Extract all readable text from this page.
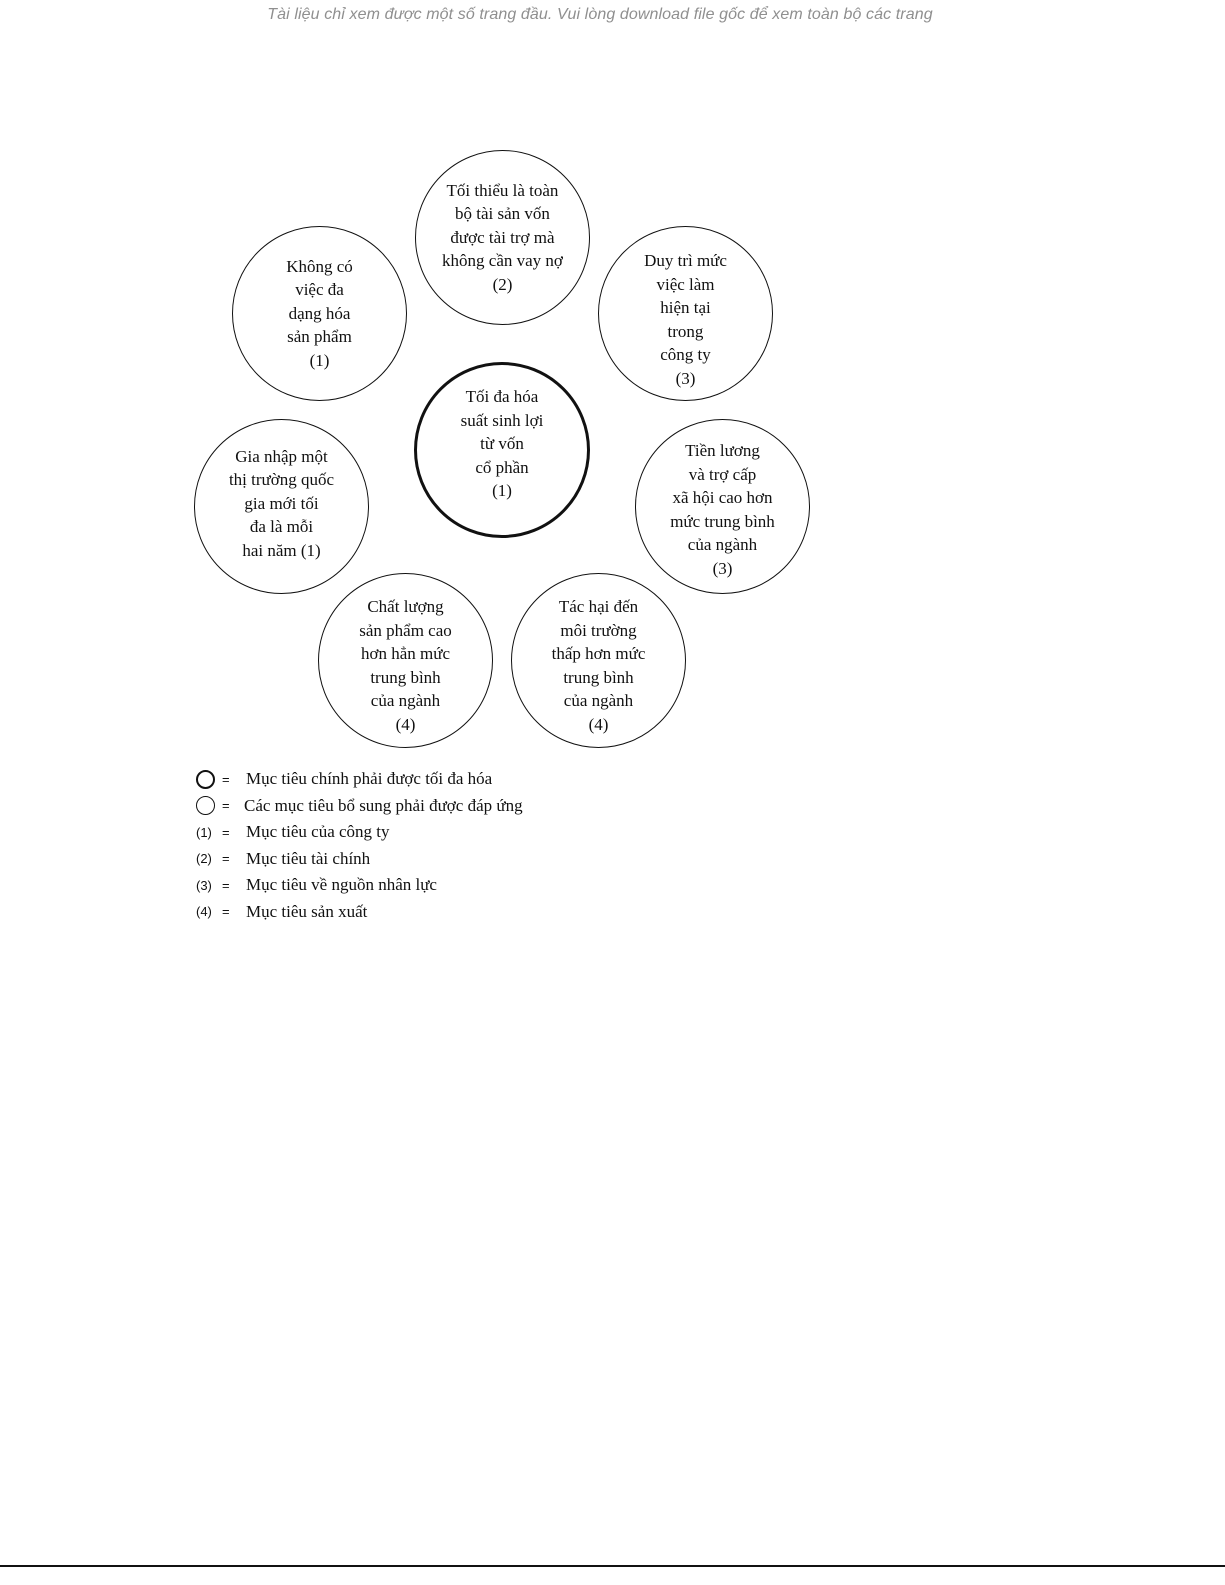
Tài liệu chỉ xem được một số trang đầu. Vui lòng download file gốc để xem toàn bộ các trang
Tối thiểu là toàn
bộ tài sản vốn
được tài trợ mà
không cần vay nợ
(2)
Không có
việc đa
dạng hóa
sản phẩm
(1)
Duy trì mức
việc làm
hiện tại
trong
công ty
(3)
Tối đa hóa
suất sinh lợi
từ vốn
cổ phần
(1)
Gia nhập một
thị trường quốc
gia mới tối
đa là mỗi
hai năm (1)
Tiền lương
và trợ cấp
xã hội cao hơn
mức trung bình
của ngành
(3)
Chất lượng
sản phẩm cao
hơn hẳn mức
trung bình
của ngành
(4)
Tác hại đến
môi trường
thấp hơn mức
trung bình
của ngành
(4)
= Mục tiêu chính phải được tối đa hóa
= Các mục tiêu bổ sung phải được đáp ứng
(1) = Mục tiêu của công ty
(2) = Mục tiêu tài chính
(3) = Mục tiêu về nguồn nhân lực
(4) = Mục tiêu sản xuất
